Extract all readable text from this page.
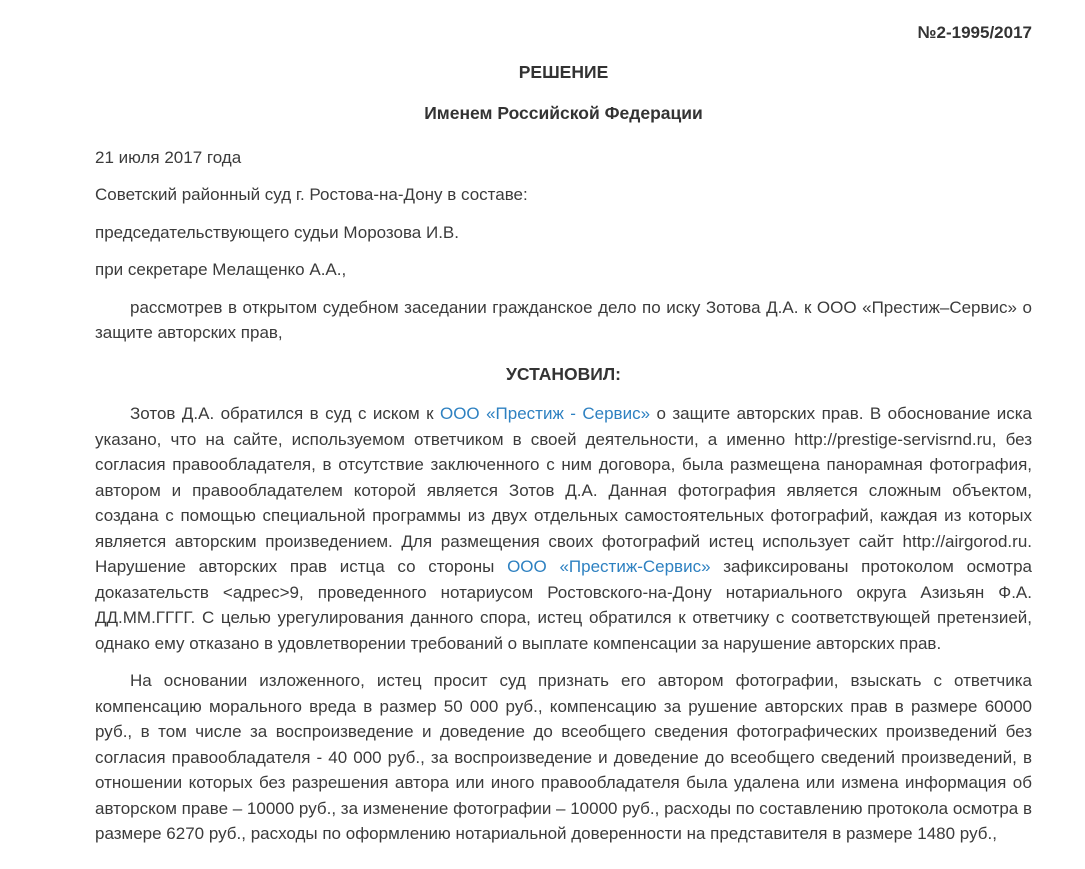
№2-1995/2017
РЕШЕНИЕ
Именем Российской Федерации

21 июля 2017 года

Советский районный суд г. Ростова-на-Дону в составе:

председательствующего судьи Морозова И.В.

при секретаре Мелащенко А.А.,

рассмотрев в открытом судебном заседании гражданское дело по иску Зотова Д.А. к ООО «Престиж–Сервис» о защите авторских прав,

УСТАНОВИЛ:

Зотов Д.А. обратился в суд с иском к ООО «Престиж - Сервис» о защите авторских прав. В обоснование иска указано, что на сайте, используемом ответчиком в своей деятельности, а именно http://prestige-servisrnd.ru, без согласия правообладателя, в отсутствие заключенного с ним договора, была размещена панорамная фотография, автором и правообладателем которой является Зотов Д.А. Данная фотография является сложным объектом, создана с помощью специальной программы из двух отдельных самостоятельных фотографий, каждая из которых является авторским произведением. Для размещения своих фотографий истец использует сайт http://airgorod.ru. Нарушение авторских прав истца со стороны ООО «Престиж-Сервис» зафиксированы протоколом осмотра доказательств <адрес>9, проведенного нотариусом Ростовского-на-Дону нотариального округа Азизьян Ф.А. ДД.ММ.ГГГГ. С целью урегулирования данного спора, истец обратился к ответчику с соответствующей претензией, однако ему отказано в удовлетворении требований о выплате компенсации за нарушение авторских прав.

На основании изложенного, истец просит суд признать его автором фотографии, взыскать с ответчика компенсацию морального вреда в размер 50 000 руб., компенсацию за рушение авторских прав в размере 60000 руб., в том числе за воспроизведение и доведение до всеобщего сведения фотографических произведений без согласия правообладателя - 40 000 руб., за воспроизведение и доведение до всеобщего сведений произведений, в отношении которых без разрешения автора или иного правообладателя была удалена или измена информация об авторском праве – 10000 руб., за изменение фотографии – 10000 руб., расходы по составлению протокола осмотра в размере 6270 руб., расходы по оформлению нотариальной доверенности на представителя в размере 1480 руб.,
